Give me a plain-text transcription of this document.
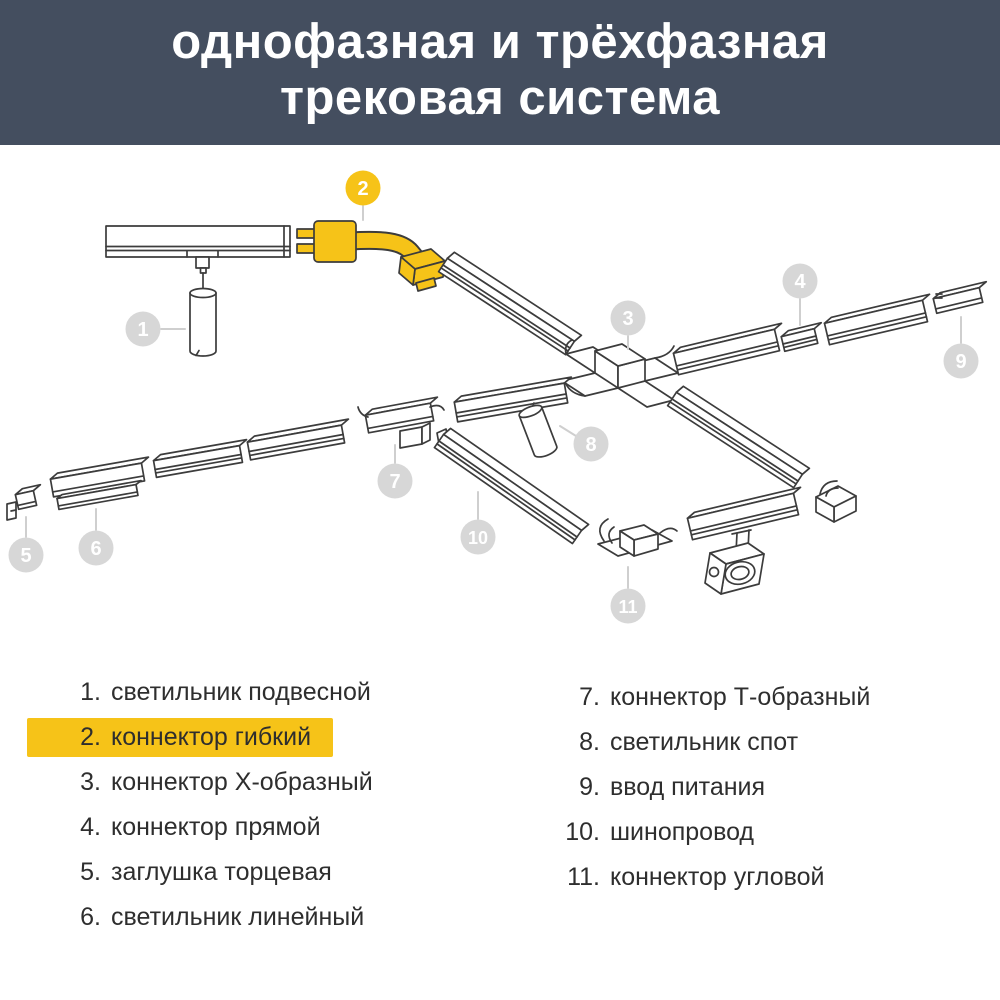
однофазная и трёхфазная
трековая система
1
2
3
4
5	6
7
8
9
10
11
1. светильник подвесной
2. коннектор гибкий
3. коннектор Х-образный
4. коннектор прямой
5. заглушка торцевая
6. светильник линейный
7. коннектор Т-образный
8. светильник спот
9. ввод питания
10. шинопровод
11. коннектор угловой
